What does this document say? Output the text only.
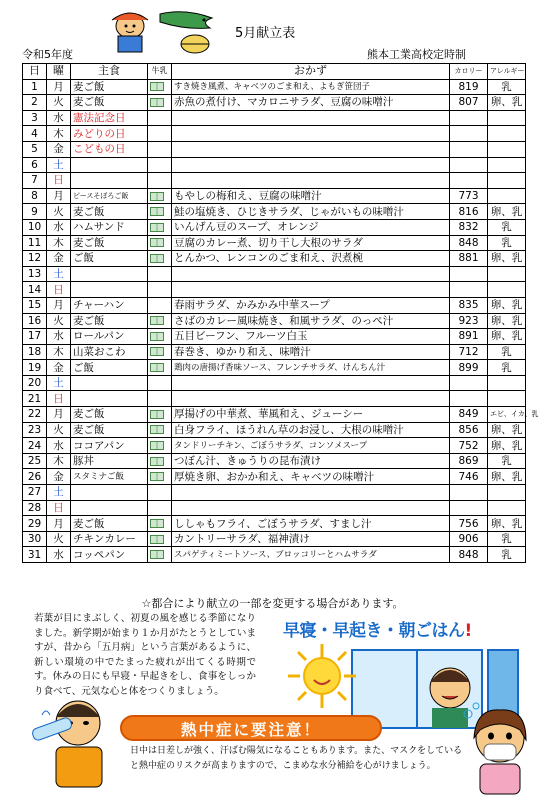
5月献立表
令和5年度	熊本工業高校定時制
日	曜	主食	牛乳	おかず	カロリー	アレルギー
1	月	麦ご飯		すき焼き風煮、キャベツのごま和え、よもぎ笹団子	819	乳
2	火	麦ご飯		赤魚の煮付け、マカロニサラダ、豆腐の味噌汁	807	卵、乳
3	水	憲法記念日				
4	木	みどりの日				
5	金	こどもの日				
6	土					
7	日					
8	月	ピースそぼろご飯		もやしの梅和え、豆腐の味噌汁	773	
9	火	麦ご飯		鮭の塩焼き、ひじきサラダ、じゃがいもの味噌汁	816	卵、乳
10	水	ハムサンド		いんげん豆のスープ、オレンジ	832	乳
11	木	麦ご飯		豆腐のカレー煮、切り干し大根のサラダ	848	乳
12	金	ご飯		とんかつ、レンコンのごま和え、沢煮椀	881	卵、乳
13	土					
14	日					
15	月	チャーハン		春雨サラダ、かみかみ中華スープ	835	卵、乳
16	火	麦ご飯		さばのカレー風味焼き、和風サラダ、のっぺ汁	923	卵、乳
17	水	ロールパン		五目ビーフン、フルーツ白玉	891	卵、乳
18	木	山菜おこわ		春巻き、ゆかり和え、味噌汁	712	乳
19	金	ご飯		鶏肉の唐揚げ香味ソース、フレンチサラダ、けんちん汁	899	乳
20	土					
21	日					
22	月	麦ご飯		厚揚げの中華煮、華風和え、ジューシー	849	エビ、イカ、乳
23	火	麦ご飯		白身フライ、ほうれん草のお浸し、大根の味噌汁	856	卵、乳
24	水	ココアパン		タンドリーチキン、ごぼうサラダ、コンソメスープ	752	卵、乳
25	木	豚丼		つぼん汁、きゅうりの昆布漬け	869	乳
26	金	スタミナご飯		厚焼き卵、おかか和え、キャベツの味噌汁	746	卵、乳
27	土					
28	日					
29	月	麦ご飯		ししゃもフライ、ごぼうサラダ、すまし汁	756	卵、乳
30	火	チキンカレー		カントリーサラダ、福神漬け	906	乳
31	水	コッペパン		スパゲティミートソース、ブロッコリーとハムサラダ	848	乳
☆都合により献立の一部を変更する場合があります。
若葉が目にまぶしく、初夏の風を感じる季節になりました。新学期が始まり１か月がたとうとしていますが、昔から「五月病」という言葉があるように、新しい環境の中でたまった疲れが出てくる時期です。休みの日にも早寝・早起きをし、食事をしっかり食べて、元気な心と体をつくりましょう。
早寝・早起き・朝ごはん!
熱中症に要注意！
日中は日差しが強く、汗ばむ陽気になることもあります。また、マスクをしていると熱中症のリスクが高まりますので、こまめな水分補給を心がけましょう。
